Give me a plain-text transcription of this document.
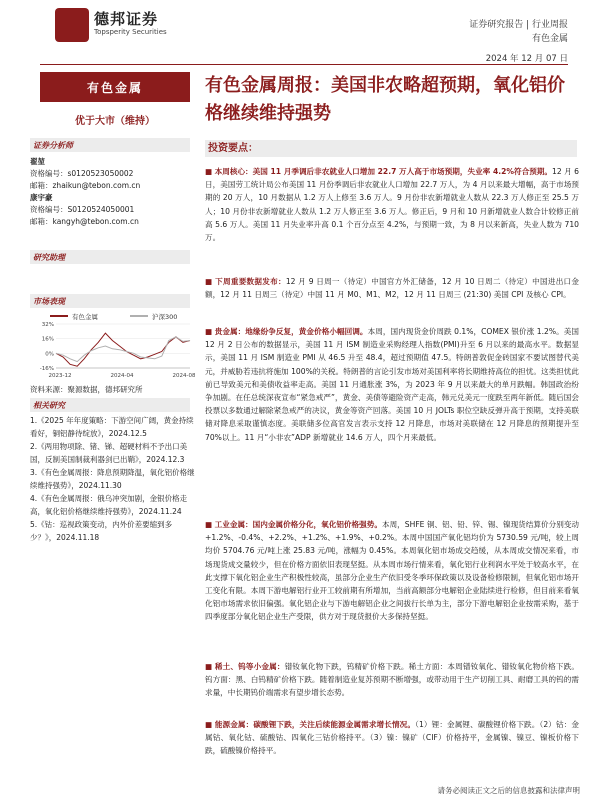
德邦证券
Topsperity Securities
证券研究报告 | 行业周报
有色金属
2024 年 12 月 07 日
有色金属
优于大市（维持）
证券分析师
翟堃
资格编号：s0120523050002
邮箱：zhaikun@tebon.com.cn
康宇豪
资格编号：S0120524050001
邮箱：kangyh@tebon.com.cn
研究助理
市场表现
有色金属	沪深300
32%
16%
0%
-16%
2023-12	2024-04	2024-08
资料来源：聚源数据，德邦研究所
相关研究
1.《2025 年年度策略：下游空间广阔，黄金持续看好，铜铝静待绽放》，2024.12.5
2.《两用物项除、锗、锑、超硬材料不予出口美国，反制美国制裁利器剑已出鞘》，2024.12.3
3.《有色金属周报：降息预期降温，氧化铝价格继续维持强势》，2024.11.30
4.《有色金属周报：俄乌冲突加剧，金银价格走高，氧化铝价格继续维持强势》，2024.11.24
5.《钴：巡视政策变动，内外价差要缩到多少？》，2024.11.18
有色金属周报：美国非农略超预期，氧化铝价格继续维持强势
投资要点：
■ 本周核心：美国 11 月季调后非农就业人口增加 22.7 万人高于市场预期，失业率 4.2%符合预期。12 月 6 日，美国劳工统计局公布美国 11 月份季调后非农就业人口增加 22.7 万人，为 4 月以来最大增幅，高于市场预期的 20 万人，10 月数据从 1.2 万人上修至 3.6 万人。9 月份非农新增就业人数从 22.3 万人修正至 25.5 万人；10 月份非农新增就业人数从 1.2 万人修正至 3.6 万人。修正后，9 月和 10 月新增就业人数合计较修正前高 5.6 万人。美国 11 月失业率升高 0.1 个百分点至 4.2%，与预期一致，为 8 月以来新高，失业人数为 710 万。
■ 下周重要数据发布：12 月 9 日周一（待定）中国官方外汇储备，12 月 10 日周二（待定）中国进出口金额，12 月 11 日周三（待定）中国 11 月 M0、M1、M2，12 月 11 日周三 (21:30) 美国 CPI 及核心 CPI。
■ 贵金属：地缘纷争反复，黄金价格小幅回调。本周，国内现货金价周跌 0.1%，COMEX 银价涨 1.2%。美国 12 月 2 日公布的数据显示，美国 11 月 ISM 制造业采购经理人指数(PMI)升至 6 月以来的最高水平。数据显示，美国 11 月 ISM 制造业 PMI 从 46.5 升至 48.4，超过预期值 47.5。特朗普敦促金砖国家不要试图替代美元，并威胁若违抗将施加 100%的关税。特朗普的言论引发市场对美国利率将长期维持高位的担忧。这类担忧此前已导致美元和美债收益率走高。美国 11 月通胀涨 3%，为 2023 年 9 月以来最大的单月跌幅。韩国政治纷争加剧。在任总统深夜宣布“紧急戒严”，黄金、美债等避险资产走高，韩元兑美元一度跌至两年新低。随后国会投票以多数通过解除紧急戒严的决议，黄金等资产回落。美国 10 月 JOLTs 职位空缺反弹升高于预期，支持美联储对降息采取谨慎态度。美联储多位高官发言表示支持 12 月降息，市场对美联储在 12 月降息的预期提升至 70%以上。11 月“小非农”ADP 新增就业 14.6 万人，四个月来最低。
■ 工业金属：国内金属价格分化，氧化铝价格强势。本周，SHFE 铜、铝、铅、锌、锡、镍现货结算价分别变动+1.2%、-0.4%、+2.2%、+1.2%、+1.9%、+0.2%。本周中国国产氧化铝均价为 5730.59 元/吨，较上周均价 5704.76 元/吨上涨 25.83 元/吨，涨幅为 0.45%。本周氧化铝市场成交趋缓，从本周成交情况来看，市场现货成交量较少，但在价格方面依旧表现坚挺。从本周市场行情来看，氧化铝行业利润水平处于较高水平，在此支撑下氧化铝企业生产积极性较高，虽部分企业生产依旧受冬季环保政策以及设备检修限制，但氧化铝市场开工变化有限。本周下游电解铝行业开工较前期有所增加，当前高额部分电解铝企业陆续进行检修，但目前来看氧化铝市场需求依旧偏强。氧化铝企业与下游电解铝企业之间拔行长单为主，部分下游电解铝企业按需采购，基于四季度部分氧化铝企业生产受限，供方对于现货报价大多保持坚挺。
■ 稀土、钨等小金属：镨钕氧化物下跌，钨精矿价格下跌。稀土方面：本周镨钕氧化、镨钕氧化物价格下跌。钨方面：黑、白钨精矿价格下跌。随着制造业复苏预期不断增强，或带动用于生产切削工具、耐磨工具的钨的需求量，中长期钨价端需求有望步增长态势。
■ 能源金属：碳酸锂下跌，关注后续能源金属需求增长情况。（1）锂：金属锂、碳酸锂价格下跌。（2）钴：金属钴、氧化钴、硫酸钴、四氧化三钴价格持平。（3）镍：镍矿（CIF）价格持平，金属镍、镍豆、镍板价格下跌，硫酸镍价格持平。
请务必阅读正文之后的信息披露和法律声明
